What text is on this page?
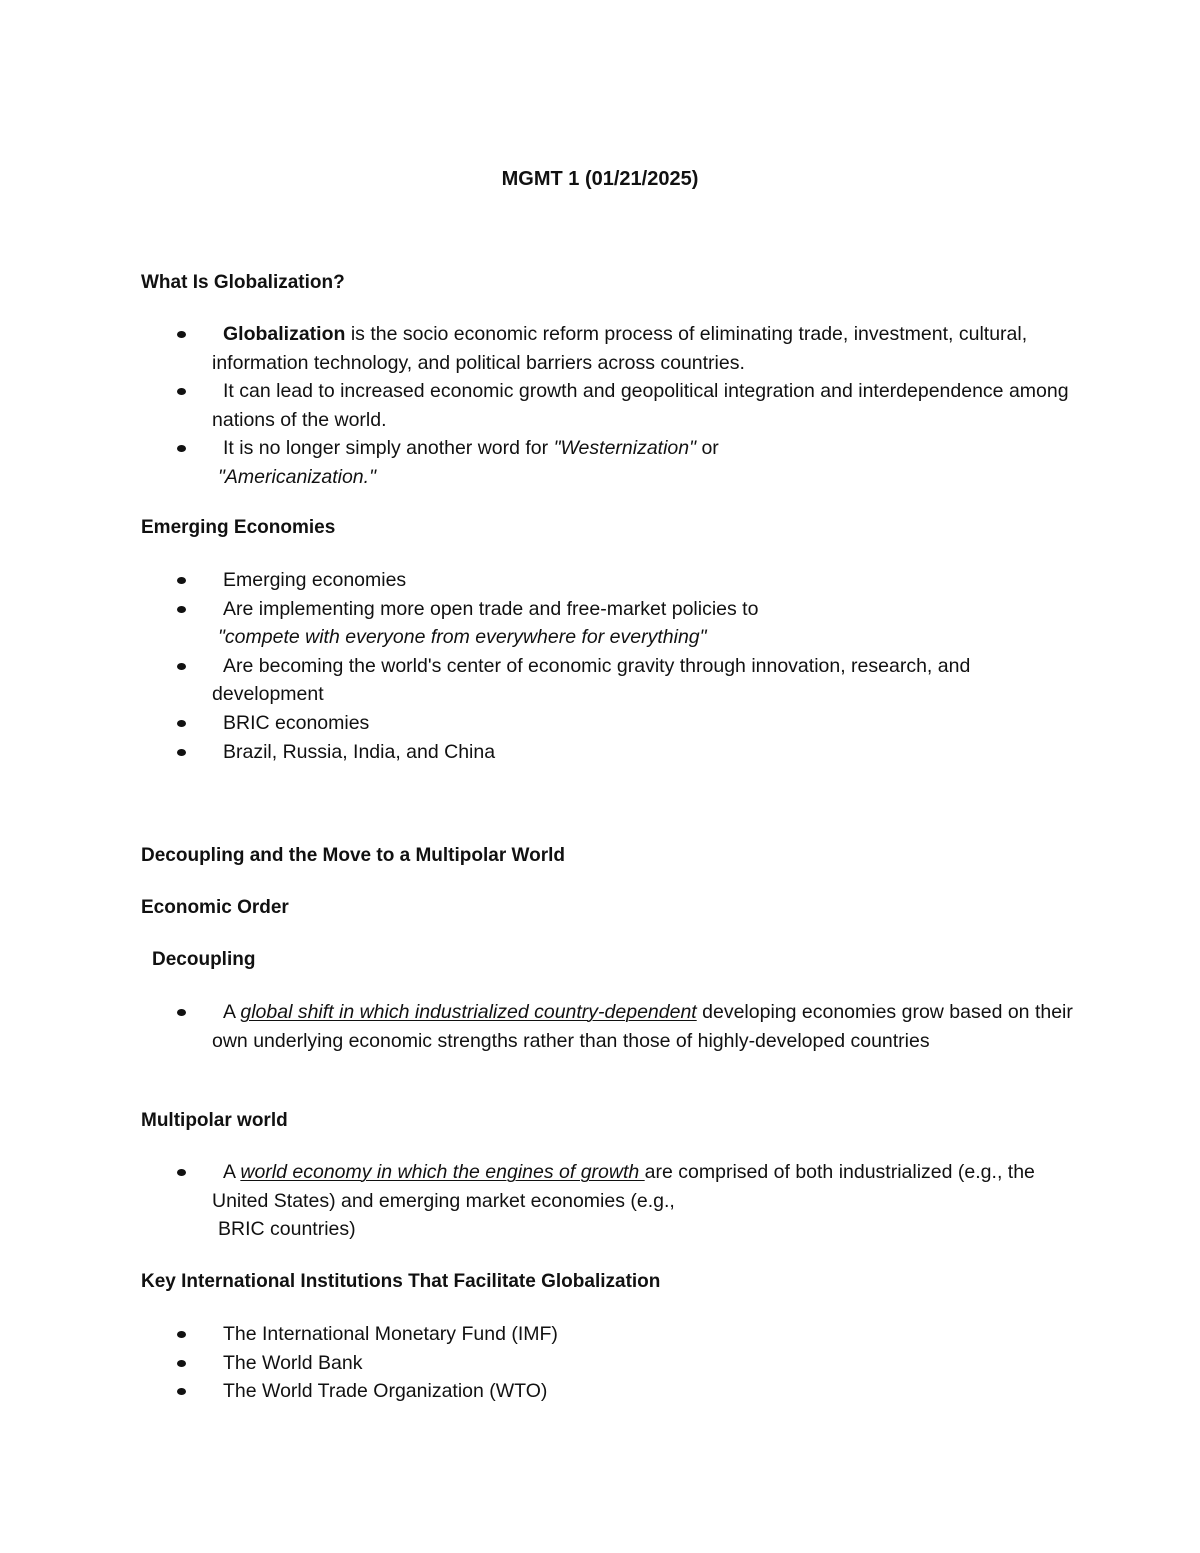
MGMT 1 (01/21/2025)
What Is Globalization?
Globalization is the socio economic reform process of eliminating trade, investment, cultural, information technology, and political barriers across countries.
It can lead to increased economic growth and geopolitical integration and interdependence among nations of the world.
It is no longer simply another word for "Westernization" or
"Americanization."
Emerging Economies
Emerging economies
Are implementing more open trade and free-market policies to
"compete with everyone from everywhere for everything"
Are becoming the world's center of economic gravity through innovation, research, and development
BRIC economies
Brazil, Russia, India, and China
Decoupling and the Move to a Multipolar World
Economic Order
Decoupling
A global shift in which industrialized country-dependent developing economies grow based on their own underlying economic strengths rather than those of highly-developed countries
Multipolar world
A world economy in which the engines of growth are comprised of both industrialized (e.g., the United States) and emerging market economies (e.g.,
BRIC countries)
Key International Institutions That Facilitate Globalization
The International Monetary Fund (IMF)
The World Bank
The World Trade Organization (WTO)
